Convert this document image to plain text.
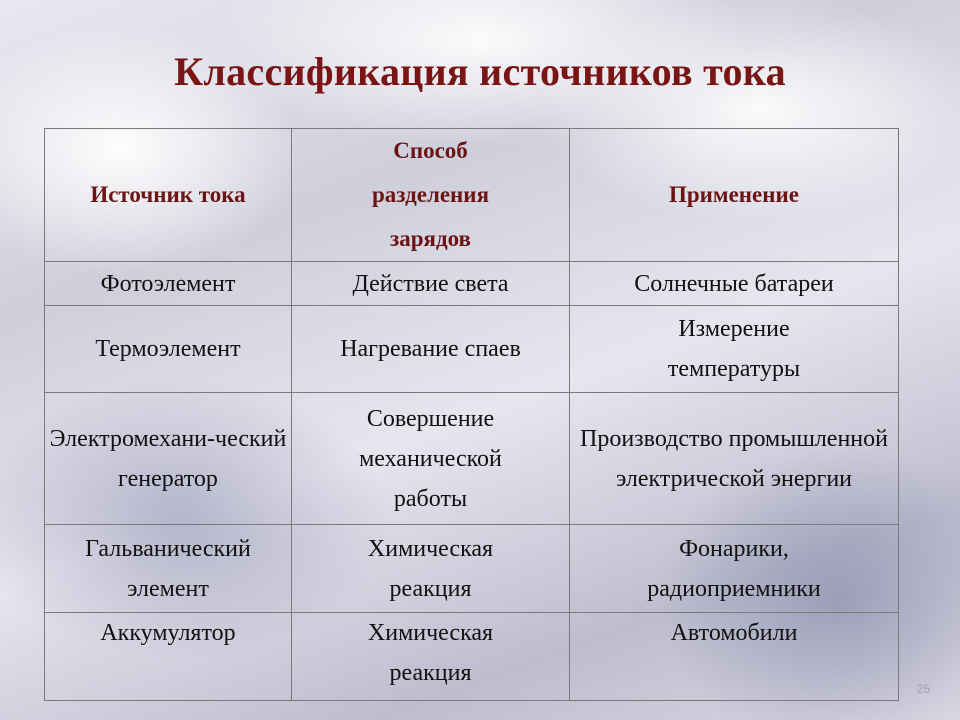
Классификация источников тока
Источник тока	Способ разделения зарядов	Применение
Фотоэлемент	Действие света	Солнечные батареи
Термоэлемент	Нагревание спаев	Измерение температуры
Электромехани-ческий генератор	Совершение механической работы	Производство промышленной электрической энергии
Гальванический элемент	Химическая реакция	Фонарики, радиоприемники
Аккумулятор	Химическая реакция	Автомобили
25
